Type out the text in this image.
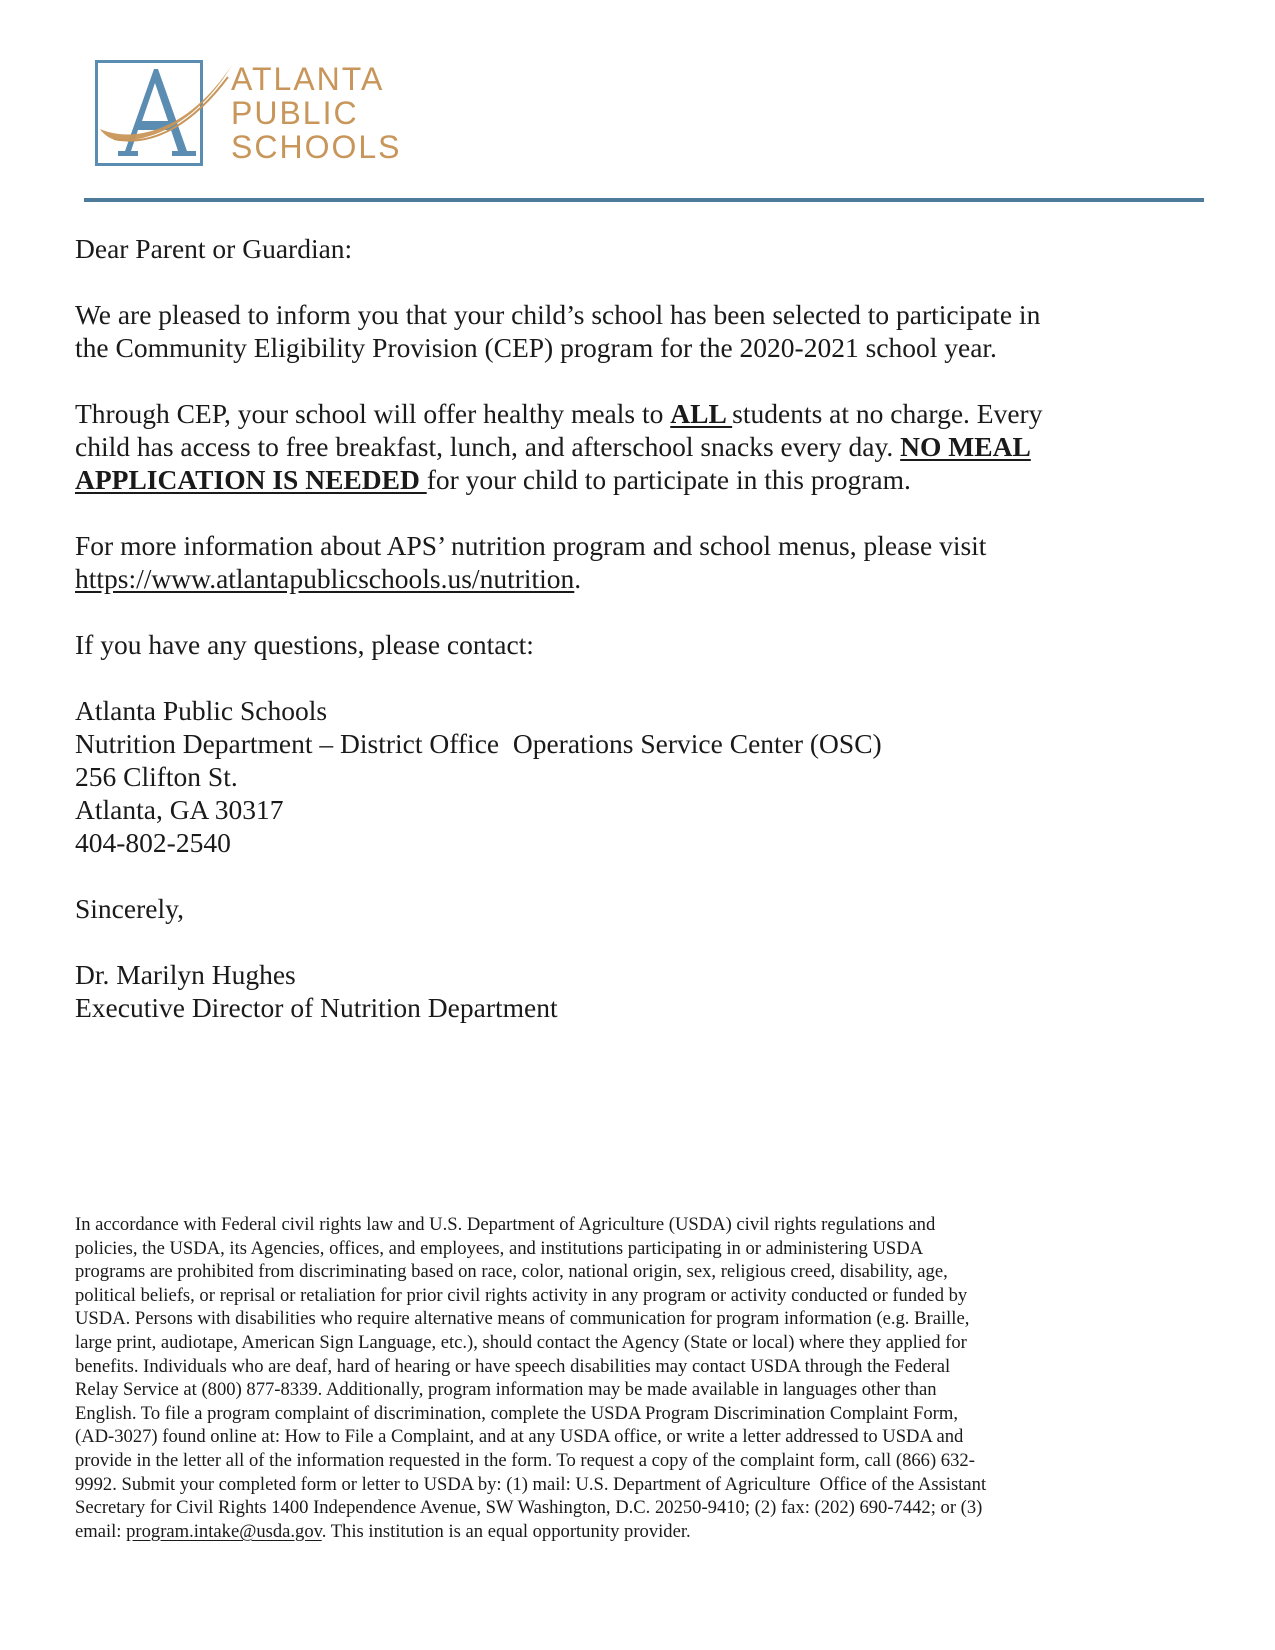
ATLANTA
PUBLIC
SCHOOLS

Dear Parent or Guardian:

We are pleased to inform you that your child’s school has been selected to participate in
the Community Eligibility Provision (CEP) program for the 2020-2021 school year.

Through CEP, your school will offer healthy meals to ALL students at no charge. Every
child has access to free breakfast, lunch, and afterschool snacks every day. NO MEAL
APPLICATION IS NEEDED for your child to participate in this program.

For more information about APS’ nutrition program and school menus, please visit
https://www.atlantapublicschools.us/nutrition.

If you have any questions, please contact:

Atlanta Public Schools
Nutrition Department – District Office  Operations Service Center (OSC)
256 Clifton St.
Atlanta, GA 30317
404-802-2540

Sincerely,

Dr. Marilyn Hughes
Executive Director of Nutrition Department

In accordance with Federal civil rights law and U.S. Department of Agriculture (USDA) civil rights regulations and
policies, the USDA, its Agencies, offices, and employees, and institutions participating in or administering USDA
programs are prohibited from discriminating based on race, color, national origin, sex, religious creed, disability, age,
political beliefs, or reprisal or retaliation for prior civil rights activity in any program or activity conducted or funded by
USDA. Persons with disabilities who require alternative means of communication for program information (e.g. Braille,
large print, audiotape, American Sign Language, etc.), should contact the Agency (State or local) where they applied for
benefits. Individuals who are deaf, hard of hearing or have speech disabilities may contact USDA through the Federal
Relay Service at (800) 877-8339. Additionally, program information may be made available in languages other than
English. To file a program complaint of discrimination, complete the USDA Program Discrimination Complaint Form,
(AD-3027) found online at: How to File a Complaint, and at any USDA office, or write a letter addressed to USDA and
provide in the letter all of the information requested in the form. To request a copy of the complaint form, call (866) 632-
9992. Submit your completed form or letter to USDA by: (1) mail: U.S. Department of Agriculture  Office of the Assistant
Secretary for Civil Rights 1400 Independence Avenue, SW Washington, D.C. 20250-9410; (2) fax: (202) 690-7442; or (3)
email: program.intake@usda.gov. This institution is an equal opportunity provider.
